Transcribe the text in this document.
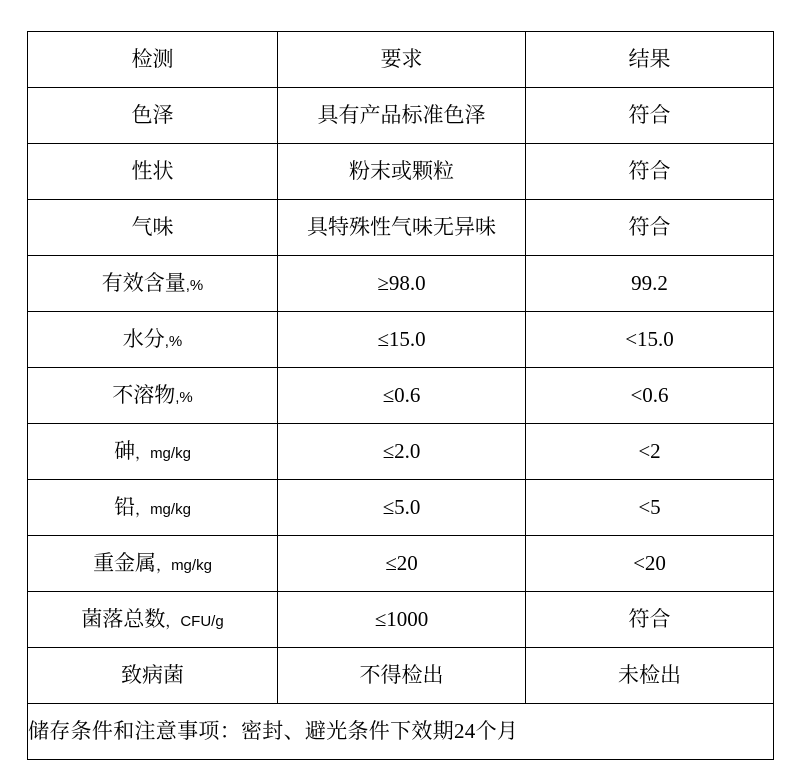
检测	要求	结果
色泽	具有产品标准色泽	符合
性状	粉末或颗粒	符合
气味	具特殊性气味无异味	符合
有效含量,%	≥98.0	99.2
水分,%	≤15.0	<15.0
不溶物,%	≤0.6	<0.6
砷，mg/kg	≤2.0	<2
铅，mg/kg	≤5.0	<5
重金属，mg/kg	≤20	<20
菌落总数，CFU/g	≤1000	符合
致病菌	不得检出	未检出

储存条件和注意事项：密封、避光条件下效期24个月		
